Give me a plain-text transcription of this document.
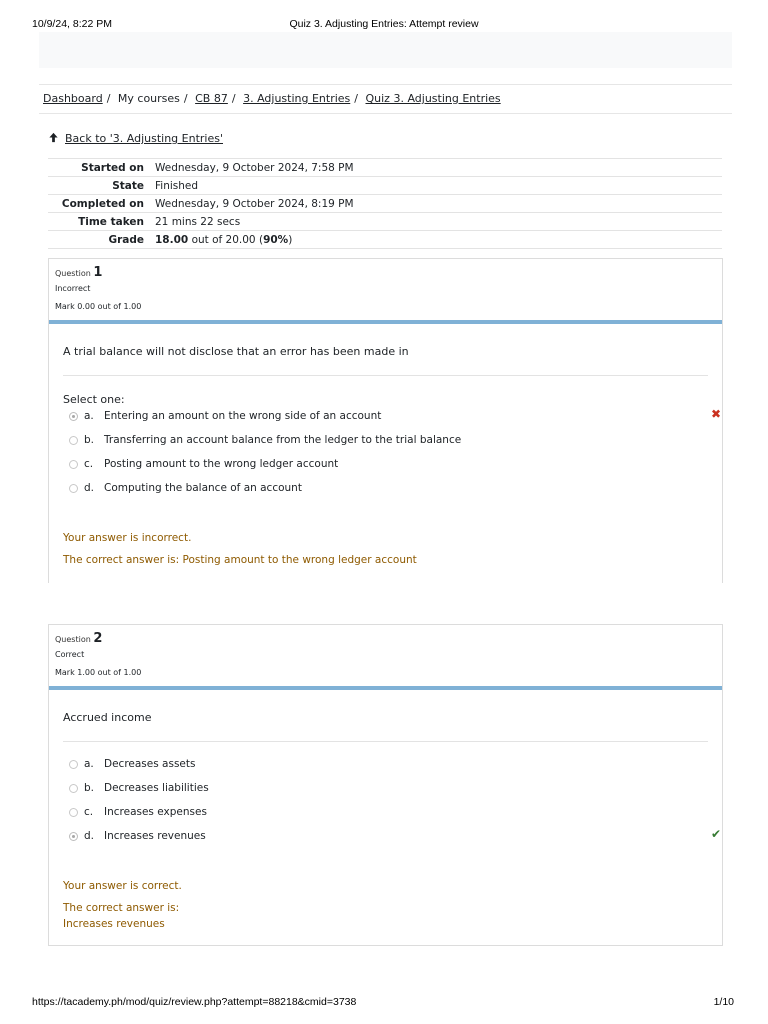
10/9/24, 8:22 PM	Quiz 3. Adjusting Entries: Attempt review
Dashboard / My courses / CB 87 / 3. Adjusting Entries / Quiz 3. Adjusting Entries
Back to '3. Adjusting Entries'
Started on	Wednesday, 9 October 2024, 7:58 PM
State	Finished
Completed on	Wednesday, 9 October 2024, 8:19 PM
Time taken	21 mins 22 secs
Grade	18.00 out of 20.00 (90%)
Question 1
Incorrect
Mark 0.00 out of 1.00
A trial balance will not disclose that an error has been made in
Select one:
a. Entering an amount on the wrong side of an account	✖
b. Transferring an account balance from the ledger to the trial balance
c. Posting amount to the wrong ledger account
d. Computing the balance of an account
Your answer is incorrect.
The correct answer is: Posting amount to the wrong ledger account
Question 2
Correct
Mark 1.00 out of 1.00
Accrued income
a. Decreases assets
b. Decreases liabilities
c. Increases expenses
d. Increases revenues	✔
Your answer is correct.
The correct answer is:
Increases revenues
https://tacademy.ph/mod/quiz/review.php?attempt=88218&cmid=3738	1/10
